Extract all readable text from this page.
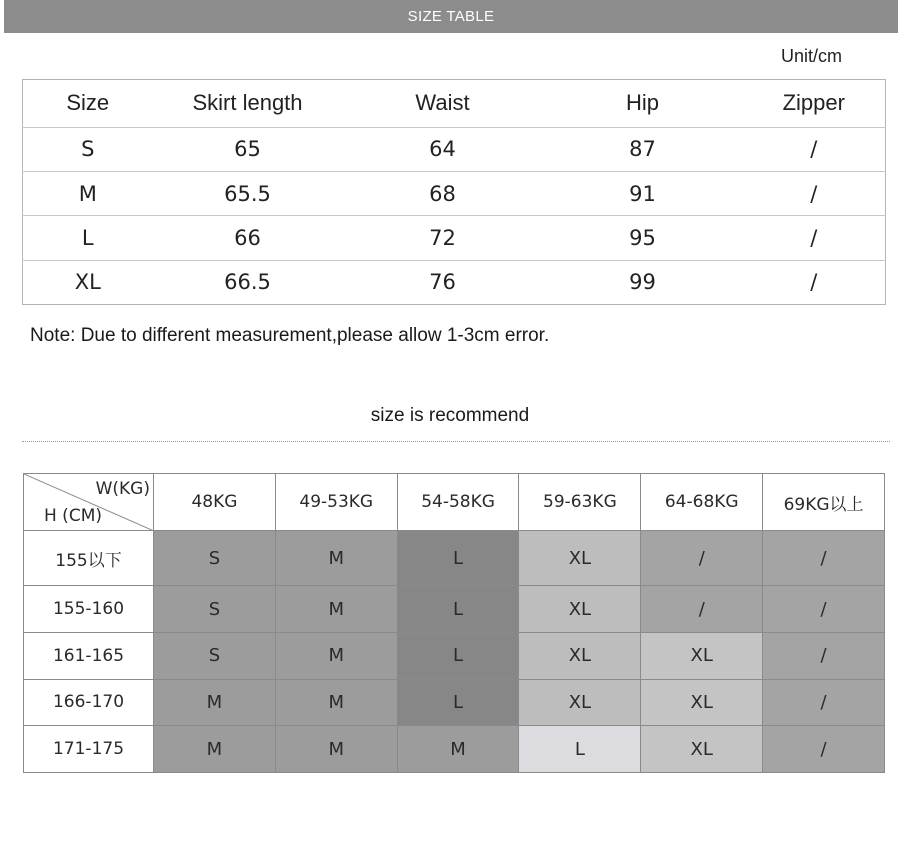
SIZE TABLE
Unit/cm
Size	Skirt length	Waist	Hip	Zipper
S	65	64	87	/
M	65.5	68	91	/
L	66	72	95	/
XL	66.5	76	99	/
Note: Due to different measurement,please allow 1-3cm error.
size is recommend
W(KG)
H (CM)	48KG	49-53KG	54-58KG	59-63KG	64-68KG	69KG以上
155以下	S	M	L	XL	/	/
155-160	S	M	L	XL	/	/
161-165	S	M	L	XL	XL	/
166-170	M	M	L	XL	XL	/
171-175	M	M	M	L	XL	/
